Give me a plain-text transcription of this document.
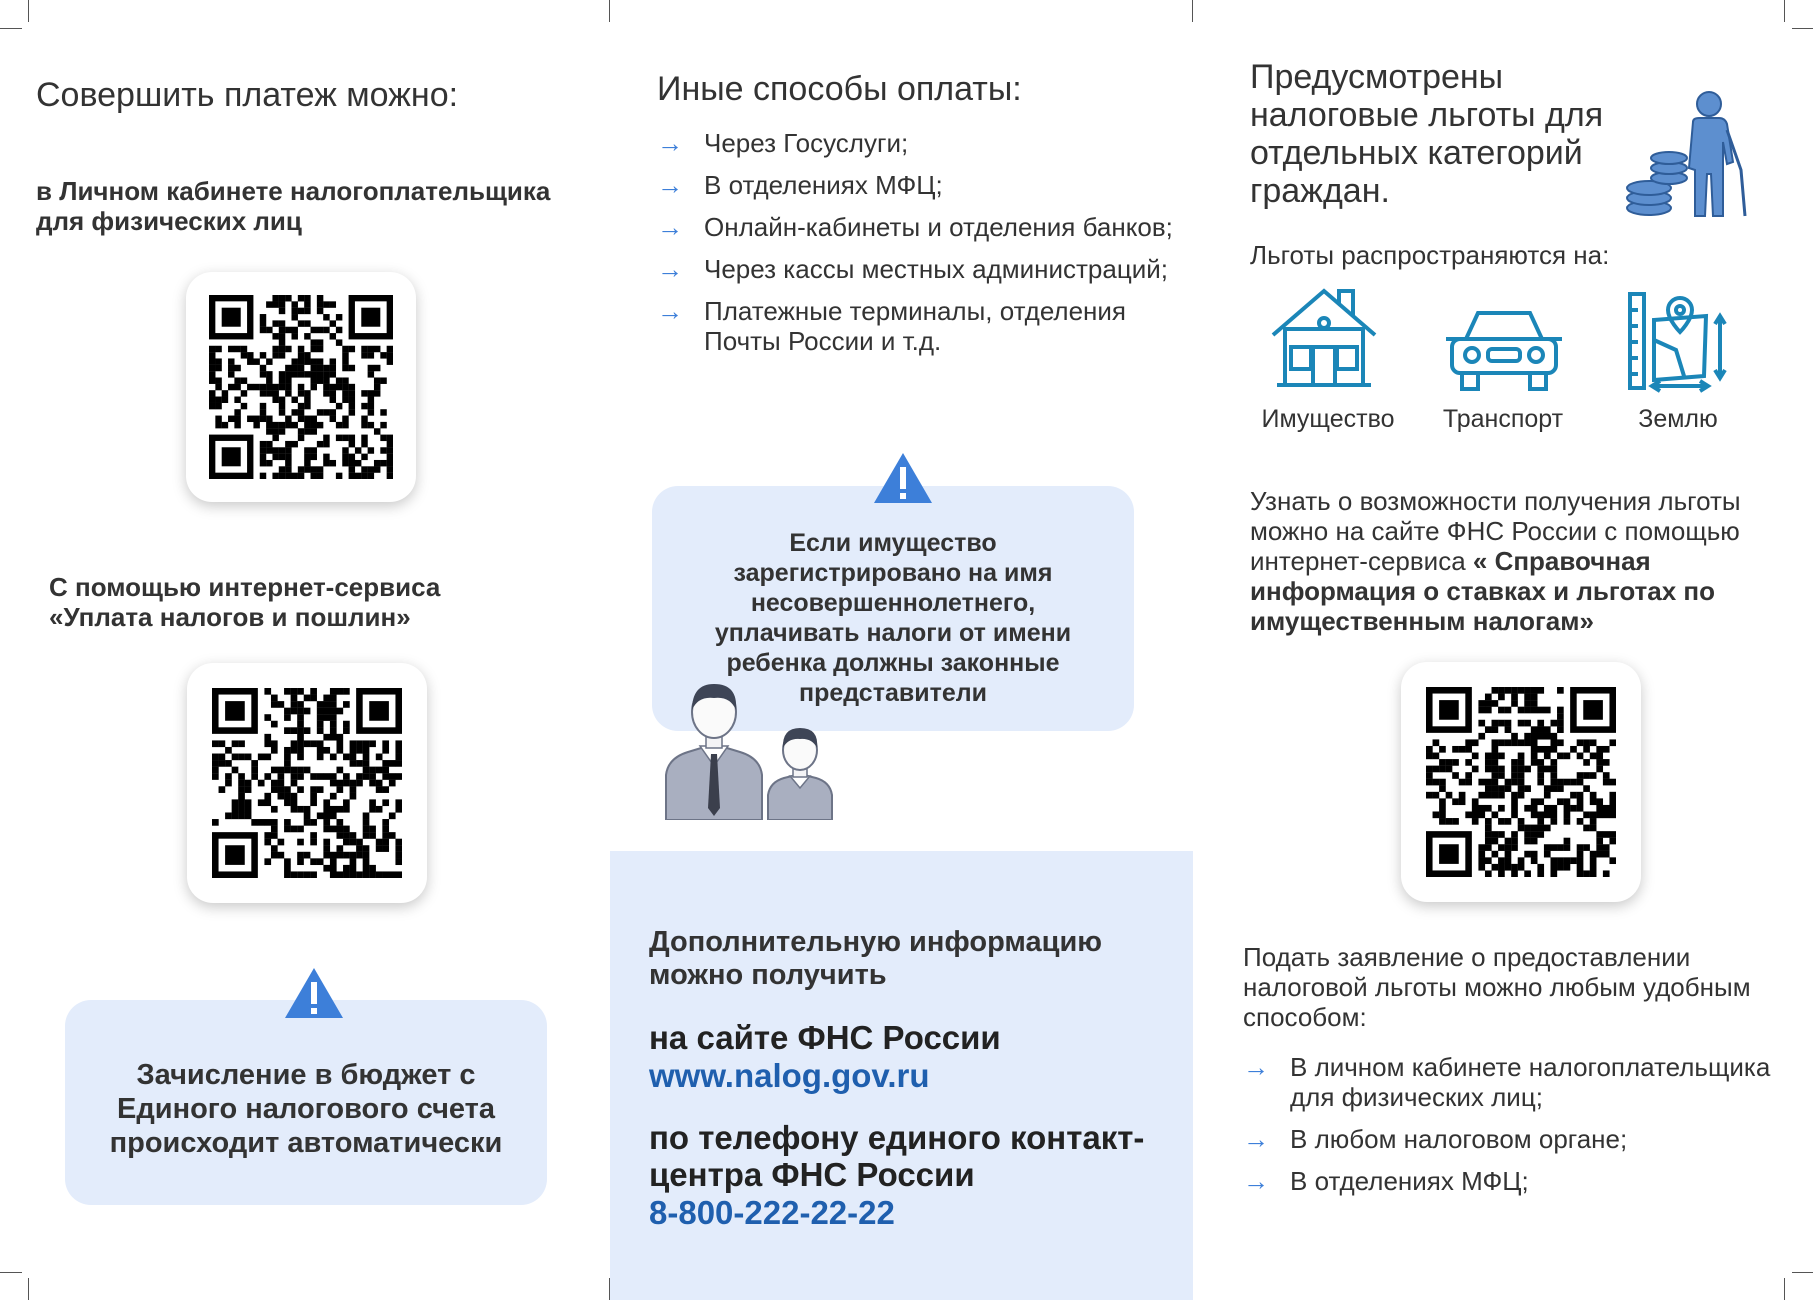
Совершить платеж можно:
в Личном кабинете налогоплательщика для физических лиц
С помощью интернет-сервиса
«Уплата налогов и пошлин»
Зачисление в бюджет с Единого налогового счета происходит автоматически
Иные способы оплаты:
→ Через Госуслуги;
→ В отделениях МФЦ;
→ Онлайн-кабинеты и отделения банков;
→ Через кассы местных администраций;
→ Платежные терминалы, отделения Почты России и т.д.
Если имущество зарегистрировано на имя несовершеннолетнего, уплачивать налоги от имени ребенка должны законные представители
Дополнительную информацию можно получить
на сайте ФНС России
www.nalog.gov.ru
по телефону единого контакт-центра ФНС России
8-800-222-22-22
Предусмотрены налоговые льготы для отдельных категорий граждан.
Льготы распространяются на:
Имущество	Транспорт	Землю
Узнать о возможности получения льготы можно на сайте ФНС России с помощью интернет-сервиса « Справочная информация о ставках и льготах по имущественным налогам»
Подать заявление о предоставлении налоговой льготы можно любым удобным способом:
→ В личном кабинете налогоплательщика для физических лиц;
→ В любом налоговом органе;
→ В отделениях МФЦ;
